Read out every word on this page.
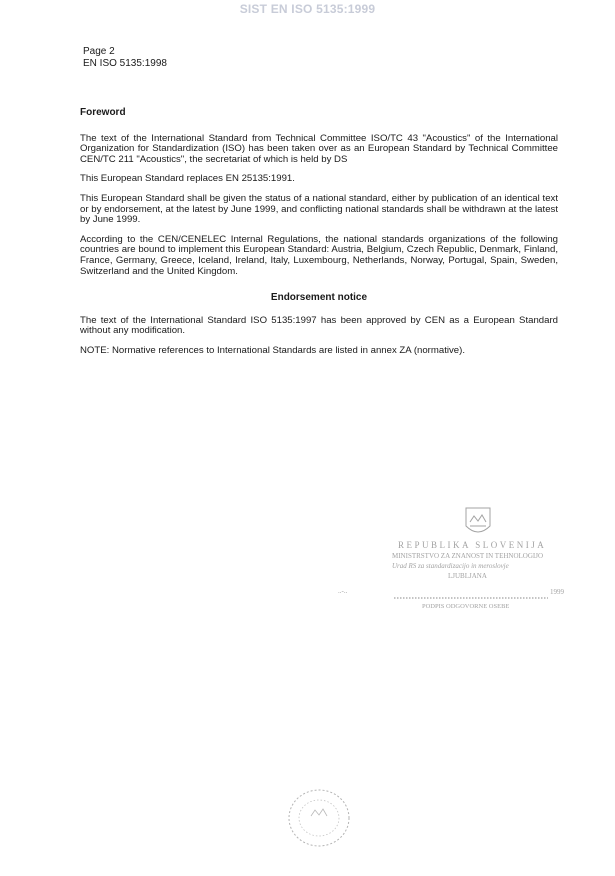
SIST EN ISO 5135:1999
Page 2
EN ISO 5135:1998
Foreword

The text of the International Standard from Technical Committee ISO/TC 43 "Acoustics" of the International Organization for Standardization (ISO) has been taken over as an European Standard by Technical Committee CEN/TC 211 "Acoustics", the secretariat of which is held by DS

This European Standard replaces EN 25135:1991.

This European Standard shall be given the status of a national standard, either by publication of an identical text or by endorsement, at the latest by June 1999, and conflicting national standards shall be withdrawn at the latest by June 1999.

According to the CEN/CENELEC Internal Regulations, the national standards organizations of the following countries are bound to implement this European Standard: Austria, Belgium, Czech Republic, Denmark, Finland, France, Germany, Greece, Iceland, Ireland, Italy, Luxembourg, Netherlands, Norway, Portugal, Spain, Sweden, Switzerland and the United Kingdom.

Endorsement notice

The text of the International Standard ISO 5135:1997 has been approved by CEN as a European Standard without any modification.

NOTE: Normative references to International Standards are listed in annex ZA (normative).

REPUBLIKA SLOVENIJA
MINISTRSTVO ZA ZNANOST IN TEHNOLOGIJO
Urad RS za standardizacijo in meroslovje
LJUBLJANA
..-..	1999
PODPIS ODGOVORNE OSEBE
